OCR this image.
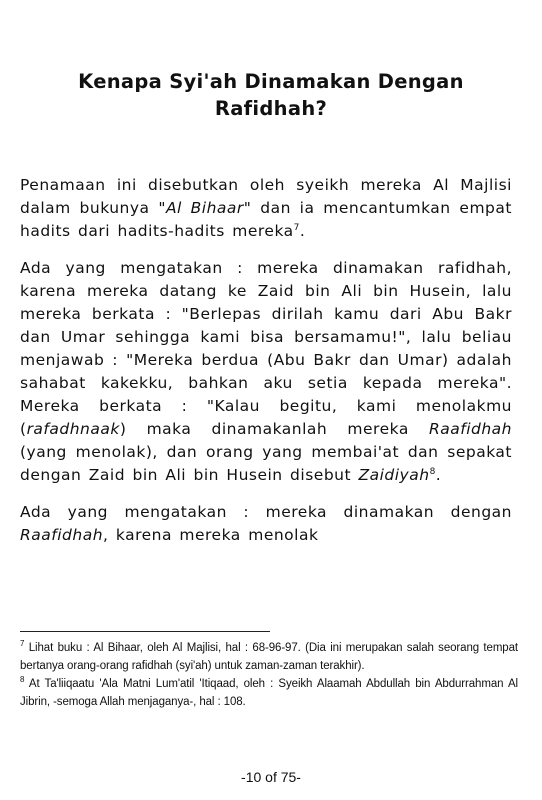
Kenapa Syi'ah Dinamakan Dengan Rafidhah?

Penamaan ini disebutkan oleh syeikh mereka Al Majlisi dalam bukunya "Al Bihaar" dan ia mencantumkan empat hadits dari hadits-hadits mereka$^7$.

Ada yang mengatakan : mereka dinamakan rafidhah, karena mereka datang ke Zaid bin Ali bin Husein, lalu mereka berkata : "Berlepas dirilah kamu dari Abu Bakr dan Umar sehingga kami bisa bersamamu!", lalu beliau menjawab : "Mereka berdua (Abu Bakr dan Umar) adalah sahabat kakekku, bahkan aku setia kepada mereka". Mereka berkata : "Kalau begitu, kami menolakmu (rafadhnaak) maka dinamakanlah mereka Raafidhah (yang menolak), dan orang yang membai'at dan sepakat dengan Zaid bin Ali bin Husein disebut Zaidiyah$^8$.

Ada yang mengatakan : mereka dinamakan dengan Raafidhah, karena mereka menolak

$^7$ Lihat buku : Al Bihaar, oleh Al Majlisi, hal : 68-96-97. (Dia ini merupakan salah seorang tempat bertanya orang-orang rafidhah (syi'ah) untuk zaman-zaman terakhir).
$^8$ At Ta'liiqaatu 'Ala Matni Lum'atil 'Itiqaad, oleh : Syeikh Alaamah Abdullah bin Abdurrahman Al Jibrin, -semoga Allah menjaganya-, hal : 108.
-10 of 75-
